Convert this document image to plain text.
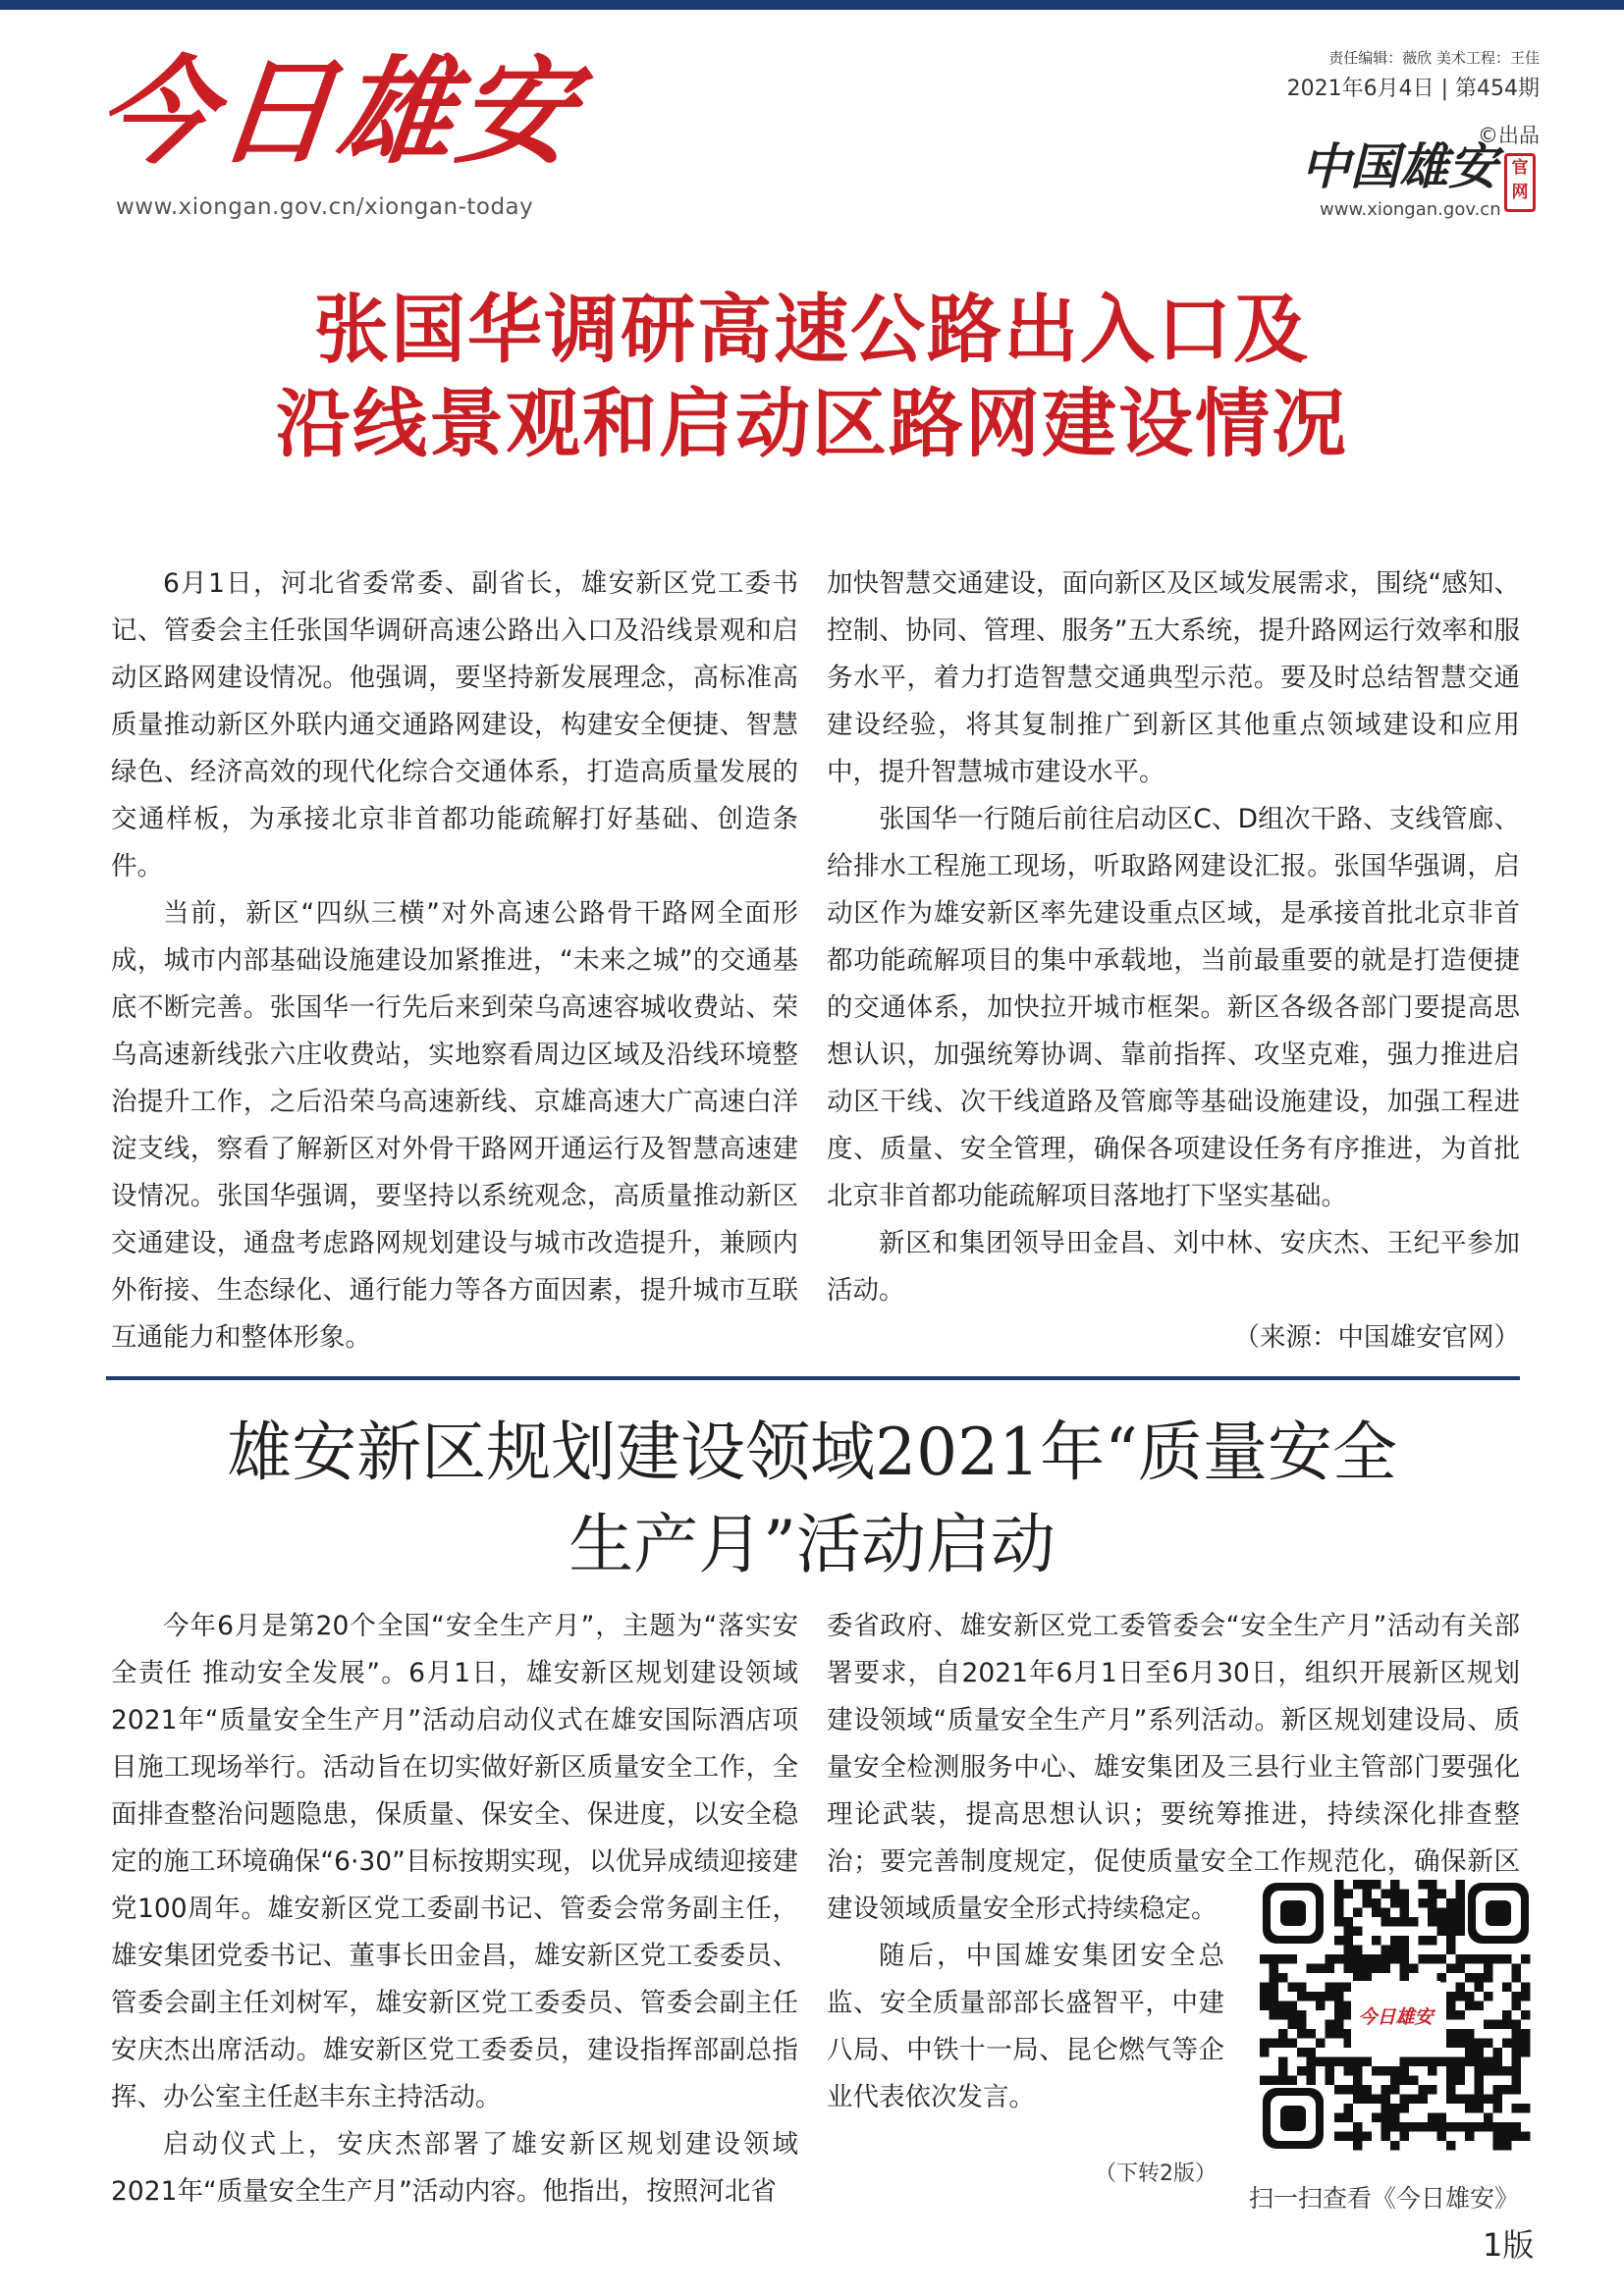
今日雄安
www.xiongan.gov.cn/xiongan-today
责任编辑：薇欣 美术工程：王佳
2021年6月4日 | 第454期
©出品
中国雄安 官网
www.xiongan.gov.cn
张国华调研高速公路出入口及
沿线景观和启动区路网建设情况

6月1日，河北省委常委、副省长，雄安新区党工委书记、管委会主任张国华调研高速公路出入口及沿线景观和启动区路网建设情况。他强调，要坚持新发展理念，高标准高质量推动新区外联内通交通路网建设，构建安全便捷、智慧绿色、经济高效的现代化综合交通体系，打造高质量发展的交通样板，为承接北京非首都功能疏解打好基础、创造条件。

当前，新区“四纵三横”对外高速公路骨干路网全面形成，城市内部基础设施建设加紧推进，“未来之城”的交通基底不断完善。张国华一行先后来到荣乌高速容城收费站、荣乌高速新线张六庄收费站，实地察看周边区域及沿线环境整治提升工作，之后沿荣乌高速新线、京雄高速大广高速白洋淀支线，察看了解新区对外骨干路网开通运行及智慧高速建设情况。张国华强调，要坚持以系统观念，高质量推动新区交通建设，通盘考虑路网规划建设与城市改造提升，兼顾内外衔接、生态绿化、通行能力等各方面因素，提升城市互联互通能力和整体形象。

加快智慧交通建设，面向新区及区域发展需求，围绕“感知、控制、协同、管理、服务”五大系统，提升路网运行效率和服务水平，着力打造智慧交通典型示范。要及时总结智慧交通建设经验，将其复制推广到新区其他重点领域建设和应用中，提升智慧城市建设水平。

张国华一行随后前往启动区C、D组次干路、支线管廊、给排水工程施工现场，听取路网建设汇报。张国华强调，启动区作为雄安新区率先建设重点区域，是承接首批北京非首都功能疏解项目的集中承载地，当前最重要的就是打造便捷的交通体系，加快拉开城市框架。新区各级各部门要提高思想认识，加强统筹协调、靠前指挥、攻坚克难，强力推进启动区干线、次干线道路及管廊等基础设施建设，加强工程进度、质量、安全管理，确保各项建设任务有序推进，为首批北京非首都功能疏解项目落地打下坚实基础。

新区和集团领导田金昌、刘中林、安庆杰、王纪平参加活动。

（来源：中国雄安官网）
雄安新区规划建设领域2021年“质量安全
生产月”活动启动

今年6月是第20个全国“安全生产月”，主题为“落实安全责任 推动安全发展”。6月1日，雄安新区规划建设领域2021年“质量安全生产月”活动启动仪式在雄安国际酒店项目施工现场举行。活动旨在切实做好新区质量安全工作，全面排查整治问题隐患，保质量、保安全、保进度，以安全稳定的施工环境确保“6·30”目标按期实现，以优异成绩迎接建党100周年。雄安新区党工委副书记、管委会常务副主任，雄安集团党委书记、董事长田金昌，雄安新区党工委委员、管委会副主任刘树军，雄安新区党工委委员、管委会副主任安庆杰出席活动。雄安新区党工委委员，建设指挥部副总指挥、办公室主任赵丰东主持活动。

启动仪式上，安庆杰部署了雄安新区规划建设领域2021年“质量安全生产月”活动内容。他指出，按照河北省

委省政府、雄安新区党工委管委会“安全生产月”活动有关部署要求，自2021年6月1日至6月30日，组织开展新区规划建设领域“质量安全生产月”系列活动。新区规划建设局、质量安全检测服务中心、雄安集团及三县行业主管部门要强化理论武装，提高思想认识；要统筹推进，持续深化排查整治；要完善制度规定，促使质量安全工作规范化，确保新区建设领域质量安全形式持续稳定。

随后，中国雄安集团安全总监、安全质量部部长盛智平，中建八局、中铁十一局、昆仑燃气等企业代表依次发言。

（下转2版）
今日雄安
扫一扫查看《今日雄安》
1版
